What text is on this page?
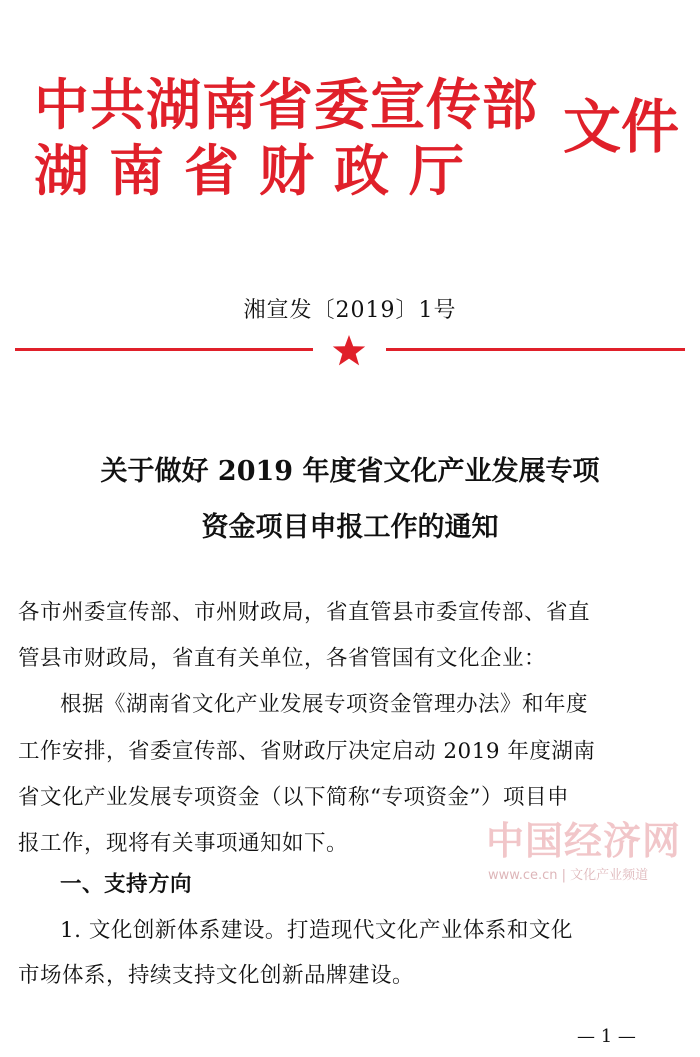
中共湖南省委宣传部
湖南省财政厅
文件
湘宣发〔2019〕1号
关于做好 2019 年度省文化产业发展专项
资金项目申报工作的通知
各市州委宣传部、市州财政局，省直管县市委宣传部、省直
管县市财政局，省直有关单位，各省管国有文化企业：
根据《湖南省文化产业发展专项资金管理办法》和年度
工作安排，省委宣传部、省财政厅决定启动 2019 年度湖南
省文化产业发展专项资金（以下简称“专项资金”）项目申
报工作，现将有关事项通知如下。
一、支持方向
1. 文化创新体系建设。打造现代文化产业体系和文化
市场体系，持续支持文化创新品牌建设。
中国经济网
www.ce.cn | 文化产业频道
— 1 —
